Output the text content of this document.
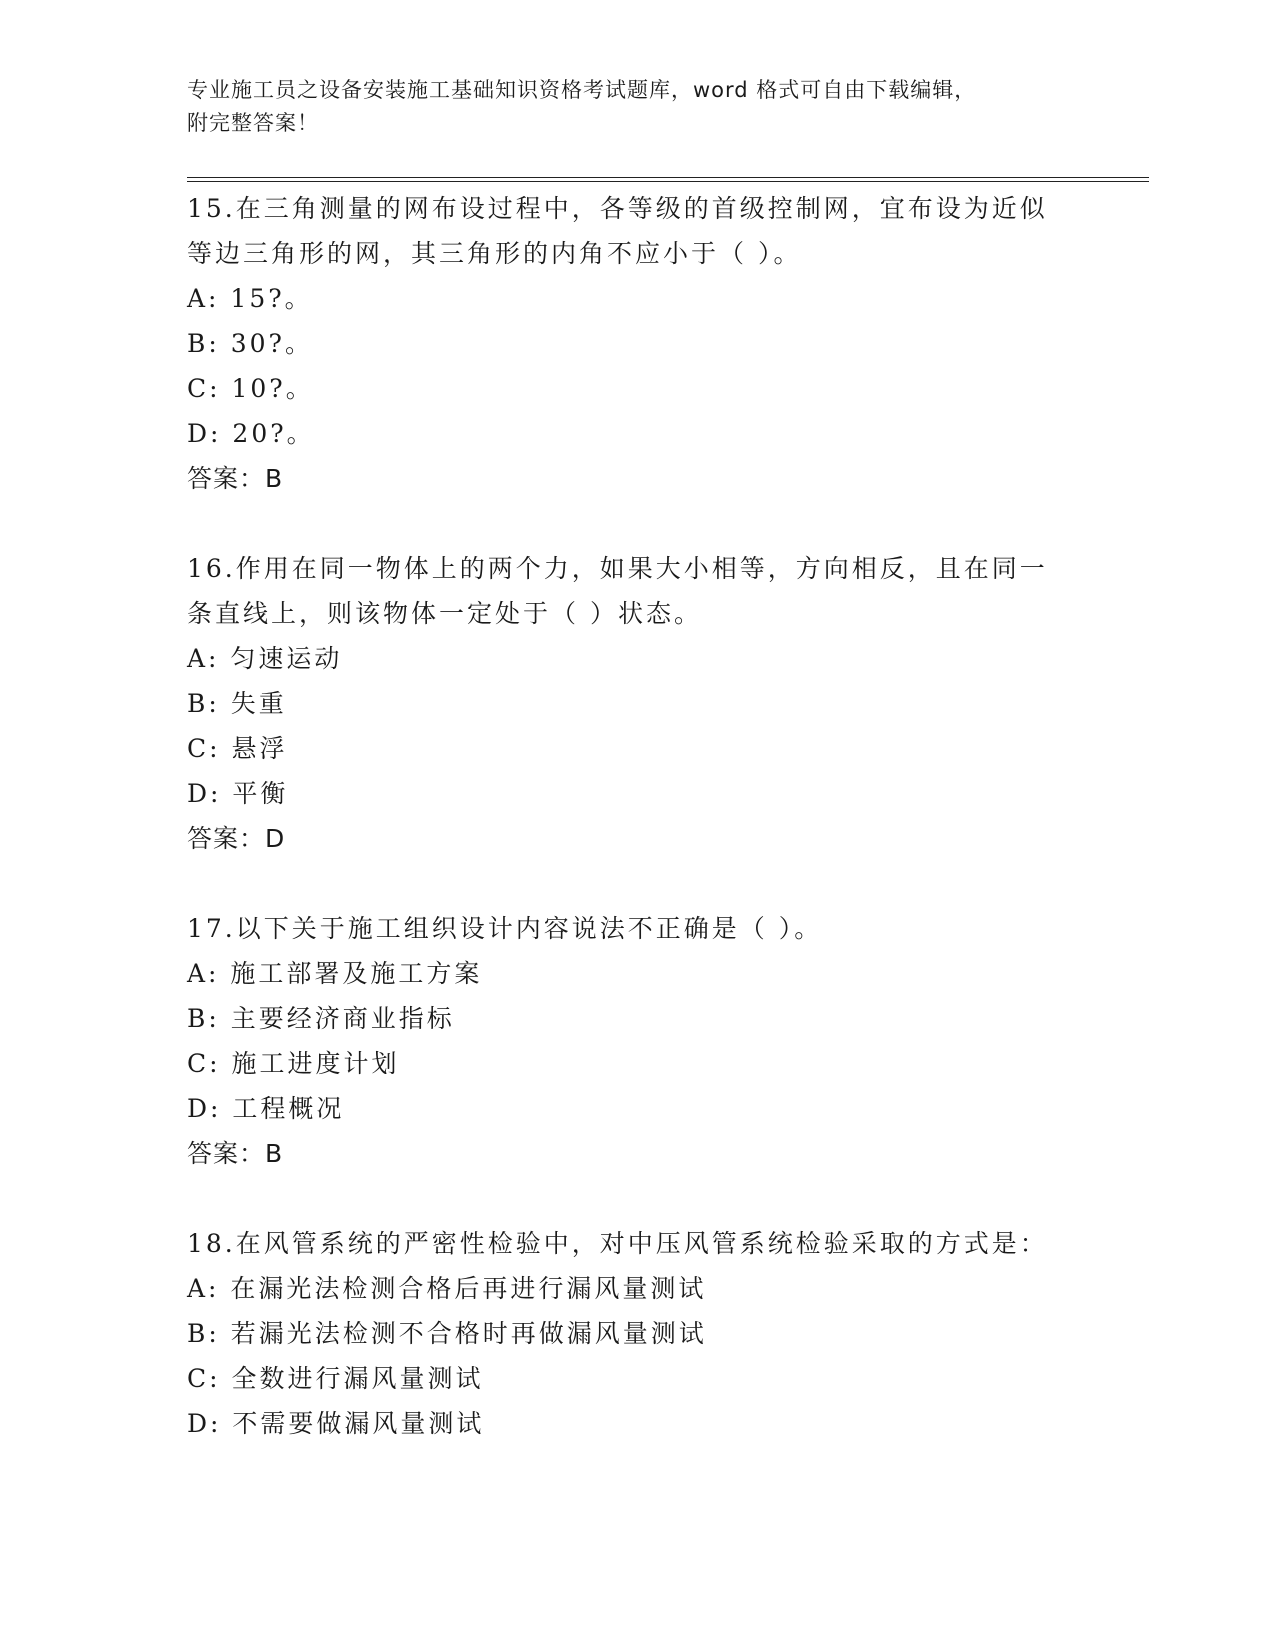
专业施工员之设备安装施工基础知识资格考试题库，word 格式可自由下载编辑，
附完整答案！
15.在三角测量的网布设过程中，各等级的首级控制网，宜布设为近似
等边三角形的网，其三角形的内角不应小于（ ）。
A: 15?。
B: 30?。
C: 10?。
D: 20?。
答案：B
16.作用在同一物体上的两个力，如果大小相等，方向相反，且在同一
条直线上，则该物体一定处于（ ）状态。
A: 匀速运动
B: 失重
C: 悬浮
D: 平衡
答案：D
17.以下关于施工组织设计内容说法不正确是（ ）。
A: 施工部署及施工方案
B: 主要经济商业指标
C: 施工进度计划
D: 工程概况
答案：B
18.在风管系统的严密性检验中，对中压风管系统检验采取的方式是：
A: 在漏光法检测合格后再进行漏风量测试
B: 若漏光法检测不合格时再做漏风量测试
C: 全数进行漏风量测试
D: 不需要做漏风量测试
